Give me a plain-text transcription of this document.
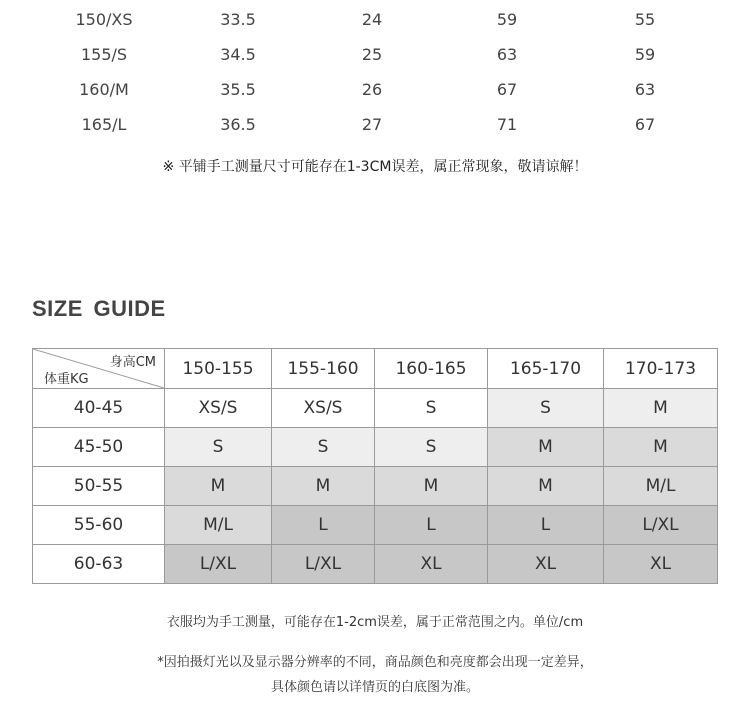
150/XS	33.5	24	59	55
155/S	34.5	25	63	59
160/M	35.5	26	67	63
165/L	36.5	27	71	67
※ 平铺手工测量尺寸可能存在1-3CM误差，属正常现象，敬请谅解！
SIZE GUIDE
身高CM
体重KG	150-155	155-160	160-165	165-170	170-173
40-45	XS/S	XS/S	S	S	M
45-50	S	S	S	M	M
50-55	M	M	M	M	M/L
55-60	M/L	L	L	L	L/XL
60-63	L/XL	L/XL	XL	XL	XL
衣服均为手工测量，可能存在1-2cm误差，属于正常范围之内。单位/cm
*因拍摄灯光以及显示器分辨率的不同，商品颜色和亮度都会出现一定差异，
具体颜色请以详情页的白底图为准。
